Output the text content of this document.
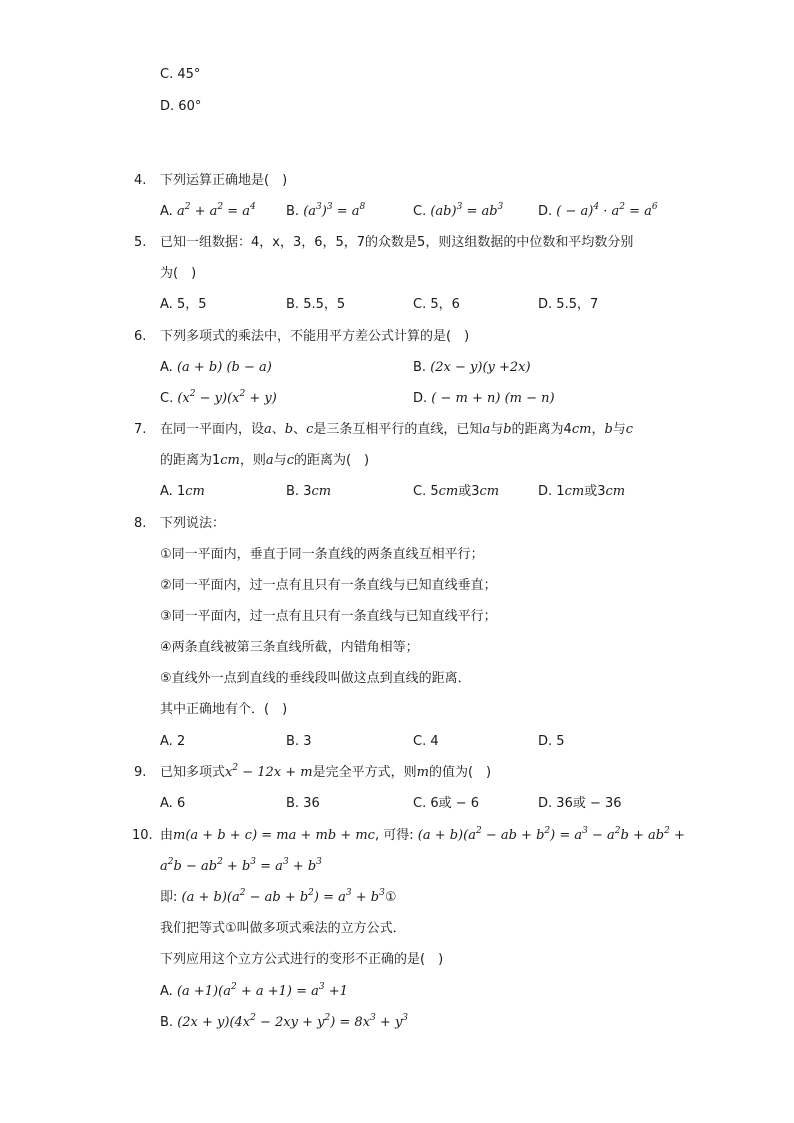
C. 45°
D. 60°
4.	下列运算正确地是(　)
A. $a^2 + a^2 = a^4$ B. $(a^3)^3 = a^8$	C. $(ab)^3 = ab^3$	D. ( − $a)^4 \cdot a^2 = a^6$
5.	已知一组数据：4，x，3，6，5，7的众数是5，则这组数据的中位数和平均数分别
为(　)
A. 5，5	B. 5.5，5	C. 5，6	D. 5.5，7
6.	下列多项式的乘法中，不能用平方差公式计算的是(　)
A. (a + b) (b − a)	B. (2x − y)(y +2x)
C. $(x^2 - y)(x^2 + y)$	D. ( − m + n) (m − n)
7.	在同一平面内，设a、b、c是三条互相平行的直线，已知a与b的距离为4cm，b与c
的距离为1cm，则a与c的距离为(　)
A. 1cm	B. 3cm	C. 5cm或3cm	D. 1cm或3cm
8.	下列说法：
①同一平面内，垂直于同一条直线的两条直线互相平行；
②同一平面内，过一点有且只有一条直线与已知直线垂直；
③同一平面内，过一点有且只有一条直线与已知直线平行；
④两条直线被第三条直线所截，内错角相等；
⑤直线外一点到直线的垂线段叫做这点到直线的距离．
其中正确地有个．(　)
A. 2	B. 3	C. 4	D. 5
9.	已知多项式$x^2 - 12x + m$是完全平方式，则m的值为(　)
A. 6	B. 36	C. 6或 − 6	D. 36或 − 36
10. 由m(a + b + c) = ma + mb + mc, 可得: $(a + b)(a^2$ − ab + $b^2) = a^3 - a^2b + ab^2$ +
$a^2b - ab^2 + b^3 = a^3 + b^3$
即: $(a + b)(a^2$ − ab + $b^2) = a^3$ + $b^3①$
我们把等式①叫做多项式乘法的立方公式．
下列应用这个立方公式进行的变形不正确的是(　)
A. $(a +1)(a^2 + a +1) = a^3 +1$
B. $(2x + y)(4x^2 - 2xy + y^2) = 8x^3 + y^3$
